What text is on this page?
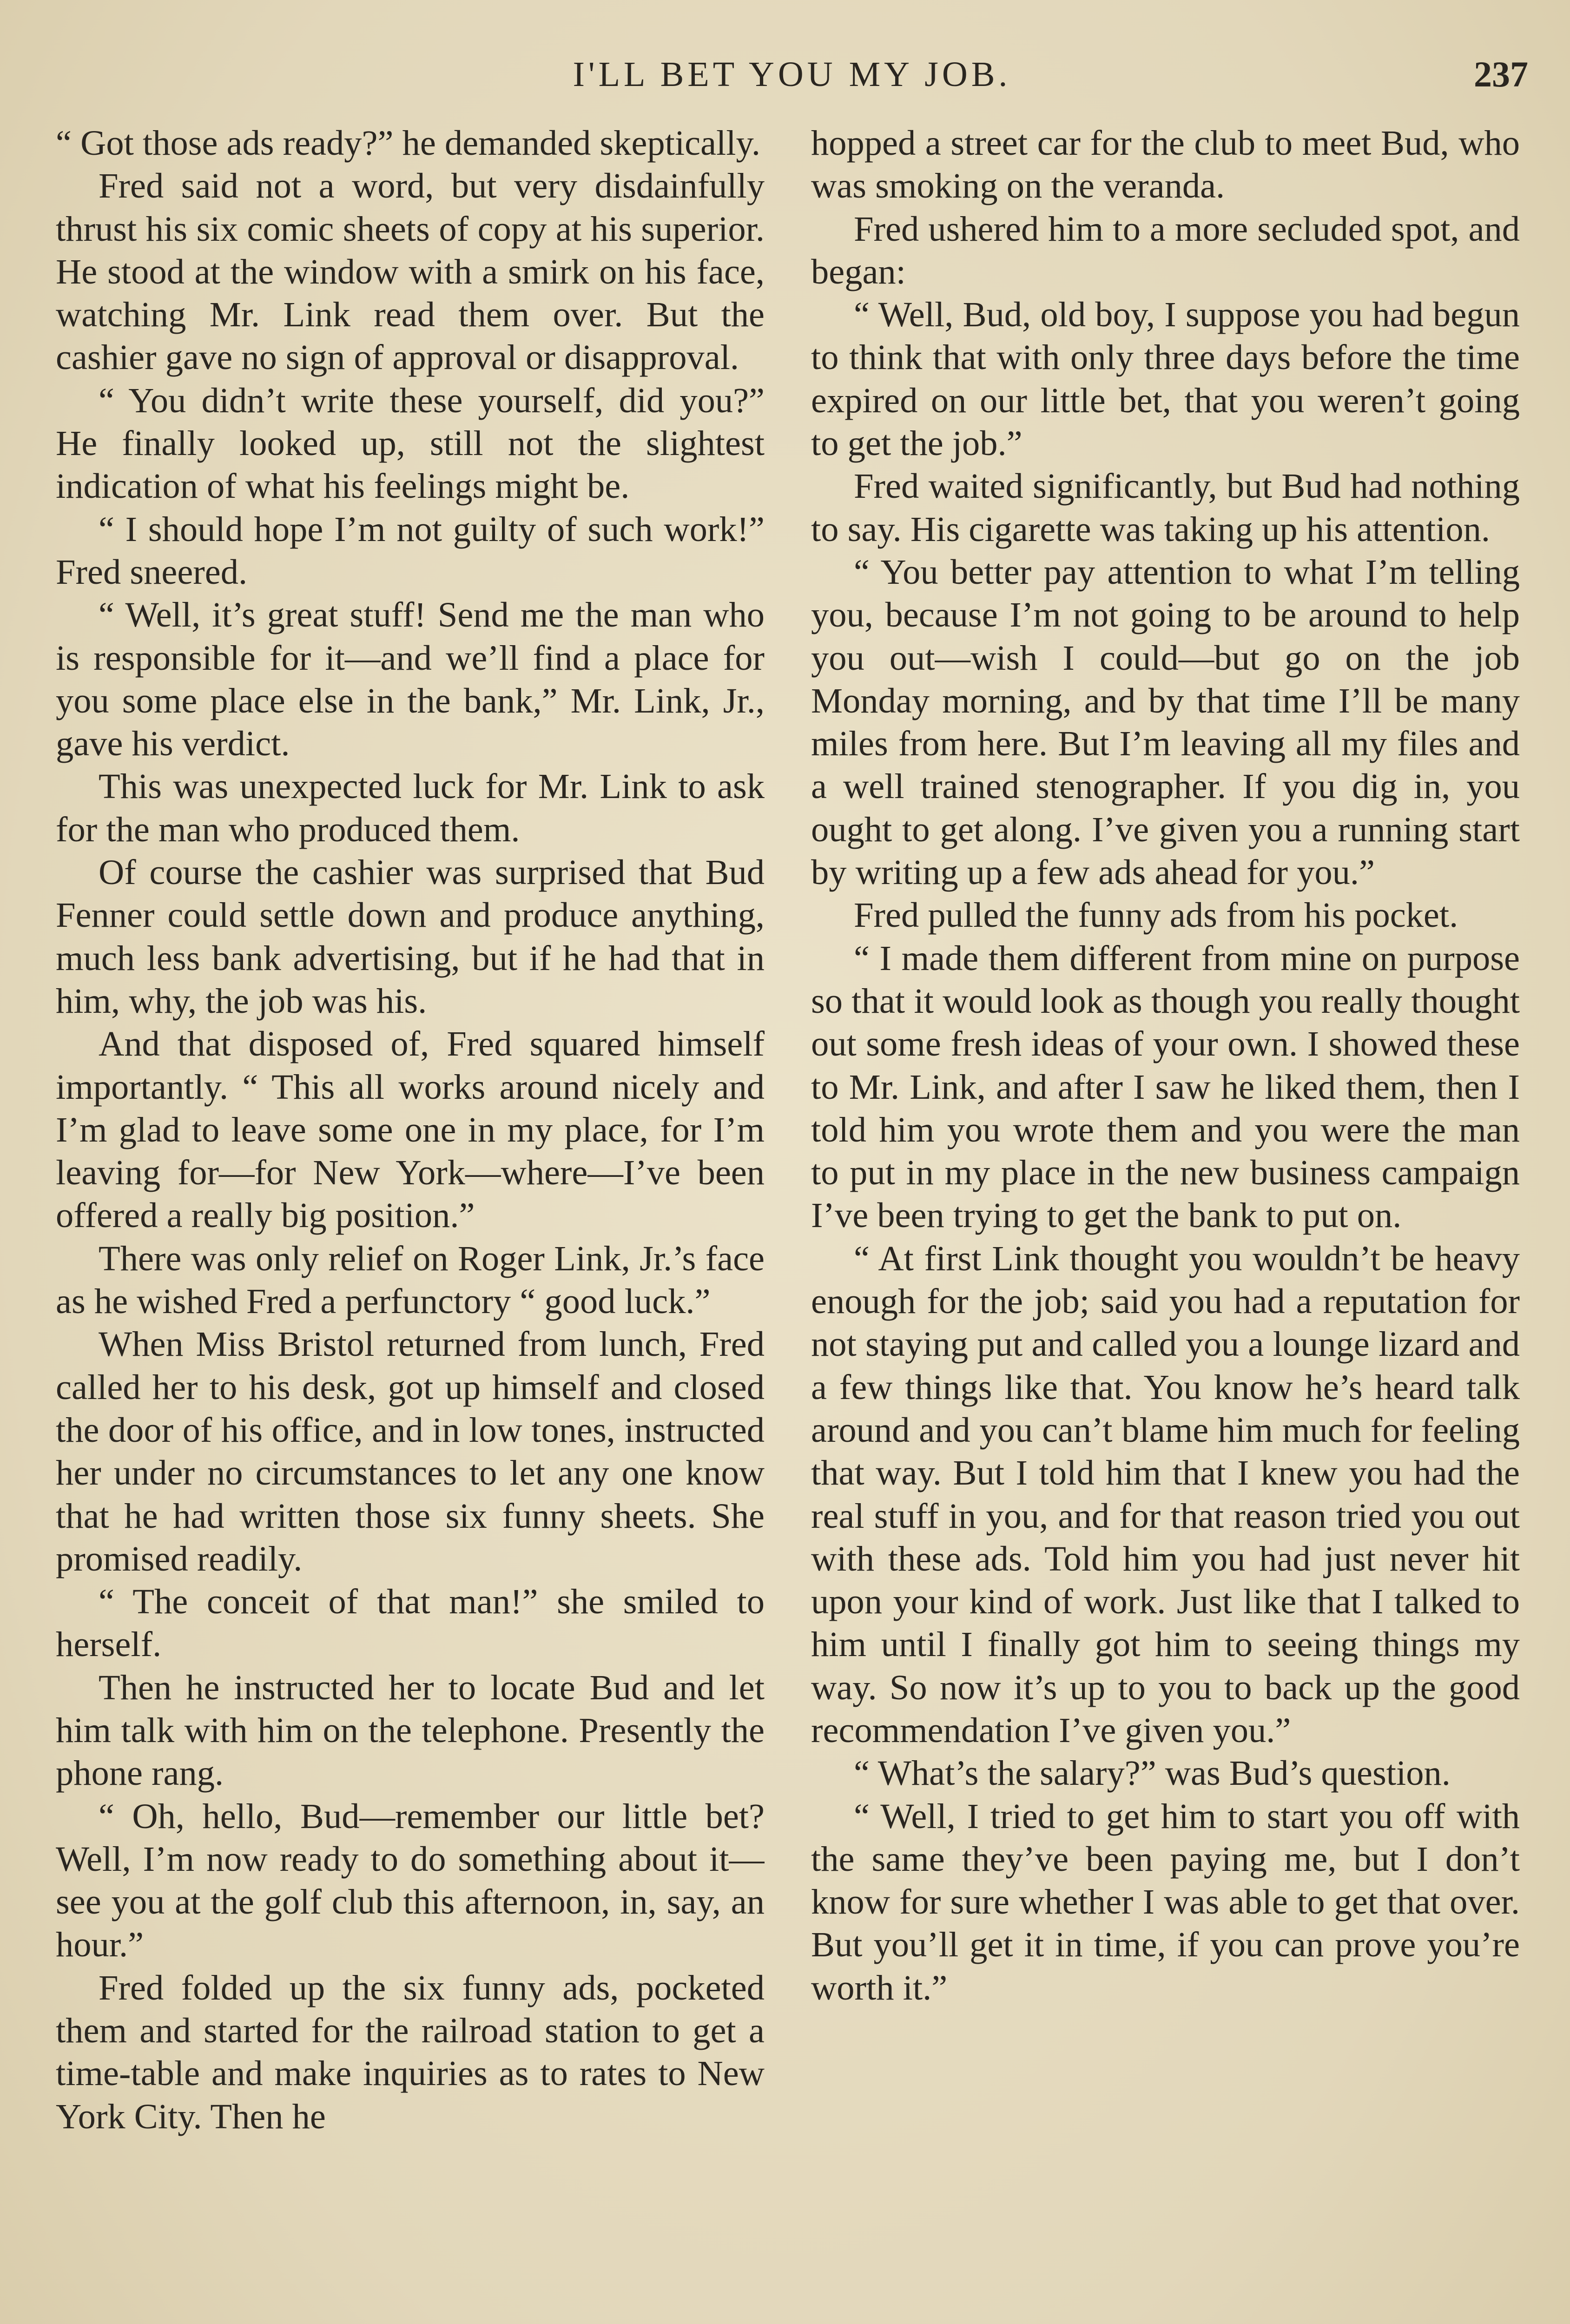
I'LL BET YOU MY JOB.	237

“ Got those ads ready?” he demanded skeptically.

Fred said not a word, but very disdainfully thrust his six comic sheets of copy at his superior. He stood at the window with a smirk on his face, watching Mr. Link read them over. But the cashier gave no sign of approval or disapproval.

“ You didn’t write these yourself, did you?” He finally looked up, still not the slightest indication of what his feelings might be.

“ I should hope I’m not guilty of such work!” Fred sneered.

“ Well, it’s great stuff! Send me the man who is responsible for it—and we’ll find a place for you some place else in the bank,” Mr. Link, Jr., gave his verdict.

This was unexpected luck for Mr. Link to ask for the man who produced them.

Of course the cashier was surprised that Bud Fenner could settle down and produce anything, much less bank advertising, but if he had that in him, why, the job was his.

And that disposed of, Fred squared himself importantly. “ This all works around nicely and I’m glad to leave some one in my place, for I’m leaving for—for New York—where—I’ve been offered a really big position.”

There was only relief on Roger Link, Jr.’s face as he wished Fred a perfunctory “ good luck.”

When Miss Bristol returned from lunch, Fred called her to his desk, got up himself and closed the door of his office, and in low tones, instructed her under no circumstances to let any one know that he had written those six funny sheets. She promised readily.

“ The conceit of that man!” she smiled to herself.

Then he instructed her to locate Bud and let him talk with him on the telephone. Presently the phone rang.

“ Oh, hello, Bud—remember our little bet? Well, I’m now ready to do something about it—see you at the golf club this afternoon, in, say, an hour.”

Fred folded up the six funny ads, pocketed them and started for the railroad station to get a time-table and make inquiries as to rates to New York City. Then he

hopped a street car for the club to meet Bud, who was smoking on the veranda.

Fred ushered him to a more secluded spot, and began:

“ Well, Bud, old boy, I suppose you had begun to think that with only three days before the time expired on our little bet, that you weren’t going to get the job.”

Fred waited significantly, but Bud had nothing to say. His cigarette was taking up his attention.

“ You better pay attention to what I’m telling you, because I’m not going to be around to help you out—wish I could—but go on the job Monday morning, and by that time I’ll be many miles from here. But I’m leaving all my files and a well trained stenographer. If you dig in, you ought to get along. I’ve given you a running start by writing up a few ads ahead for you.”

Fred pulled the funny ads from his pocket.

“ I made them different from mine on purpose so that it would look as though you really thought out some fresh ideas of your own. I showed these to Mr. Link, and after I saw he liked them, then I told him you wrote them and you were the man to put in my place in the new business campaign I’ve been trying to get the bank to put on.

“ At first Link thought you wouldn’t be heavy enough for the job; said you had a reputation for not staying put and called you a lounge lizard and a few things like that. You know he’s heard talk around and you can’t blame him much for feeling that way. But I told him that I knew you had the real stuff in you, and for that reason tried you out with these ads. Told him you had just never hit upon your kind of work. Just like that I talked to him until I finally got him to seeing things my way. So now it’s up to you to back up the good recommendation I’ve given you.”

“ What’s the salary?” was Bud’s question.

“ Well, I tried to get him to start you off with the same they’ve been paying me, but I don’t know for sure whether I was able to get that over. But you’ll get it in time, if you can prove you’re worth it.”
